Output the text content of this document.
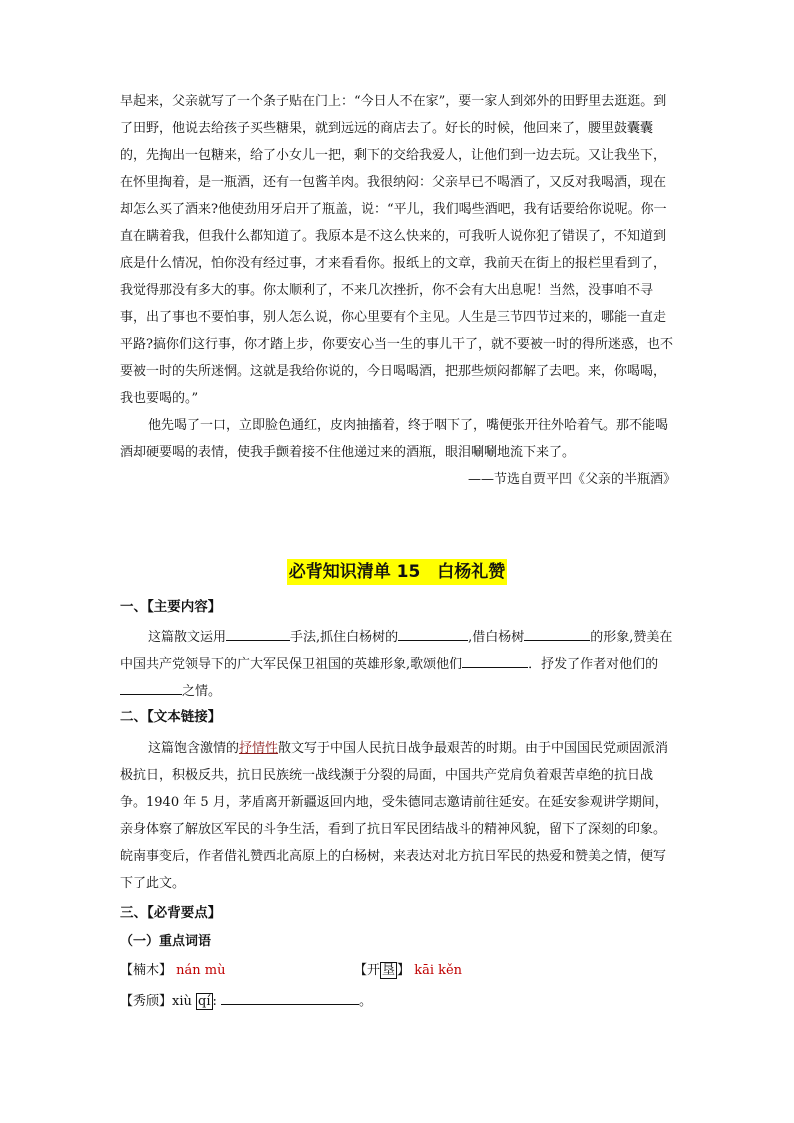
早起来，父亲就写了一个条子贴在门上：“今日人不在家”，要一家人到郊外的田野里去逛逛。到了田野，他说去给孩子买些糖果，就到远远的商店去了。好长的时候，他回来了，腰里鼓囊囊的，先掏出一包糖来，给了小女儿一把，剩下的交给我爱人，让他们到一边去玩。又让我坐下，在怀里掏着，是一瓶酒，还有一包酱羊肉。我很纳闷：父亲早已不喝酒了，又反对我喝酒，现在却怎么买了酒来?他使劲用牙启开了瓶盖，说：“平儿，我们喝些酒吧，我有话要给你说呢。你一直在瞒着我，但我什么都知道了。我原本是不这么快来的，可我听人说你犯了错误了，不知道到底是什么情况，怕你没有经过事，才来看看你。报纸上的文章，我前天在街上的报栏里看到了，我觉得那没有多大的事。你太顺利了，不来几次挫折，你不会有大出息呢！当然，没事咱不寻事，出了事也不要怕事，别人怎么说，你心里要有个主见。人生是三节四节过来的，哪能一直走平路?搞你们这行事，你才踏上步，你要安心当一生的事儿干了，就不要被一时的得所迷惑，也不要被一时的失所迷惘。这就是我给你说的，今日喝喝酒，把那些烦闷都解了去吧。来，你喝喝，我也要喝的。”

他先喝了一口，立即脸色通红，皮肉抽搐着，终于咽下了，嘴便张开往外哈着气。那不能喝酒却硬要喝的表情，使我手颤着接不住他递过来的酒瓶，眼泪唰唰地流下来了。

——节选自贾平凹《父亲的半瓶酒》

必背知识清单 15　白杨礼赞
一、【主要内容】
这篇散文运用	手法,抓住白杨树的	,借白杨树	的形象,赞美在中国共产党领导下的广大军民保卫祖国的英雄形象,歌颂他们	．抒发了作者对他们的之情。
二、【文本链接】
这篇饱含激情的抒情性散文写于中国人民抗日战争最艰苦的时期。由于中国国民党顽固派消极抗日，积极反共，抗日民族统一战线濒于分裂的局面，中国共产党肩负着艰苦卓绝的抗日战争。1940 年 5 月，茅盾离开新疆返回内地，受朱德同志邀请前往延安。在延安参观讲学期间，亲身体察了解放区军民的斗争生活，看到了抗日军民团结战斗的精神风貌，留下了深刻的印象。皖南事变后，作者借礼赞西北高原上的白杨树，来表达对北方抗日军民的热爱和赞美之情，便写下了此文。
三、【必背要点】
（一）重点词语
【楠木】 nán mù	【开 垦 】 kāi kěn
【秀颀】xiù qí :	。
